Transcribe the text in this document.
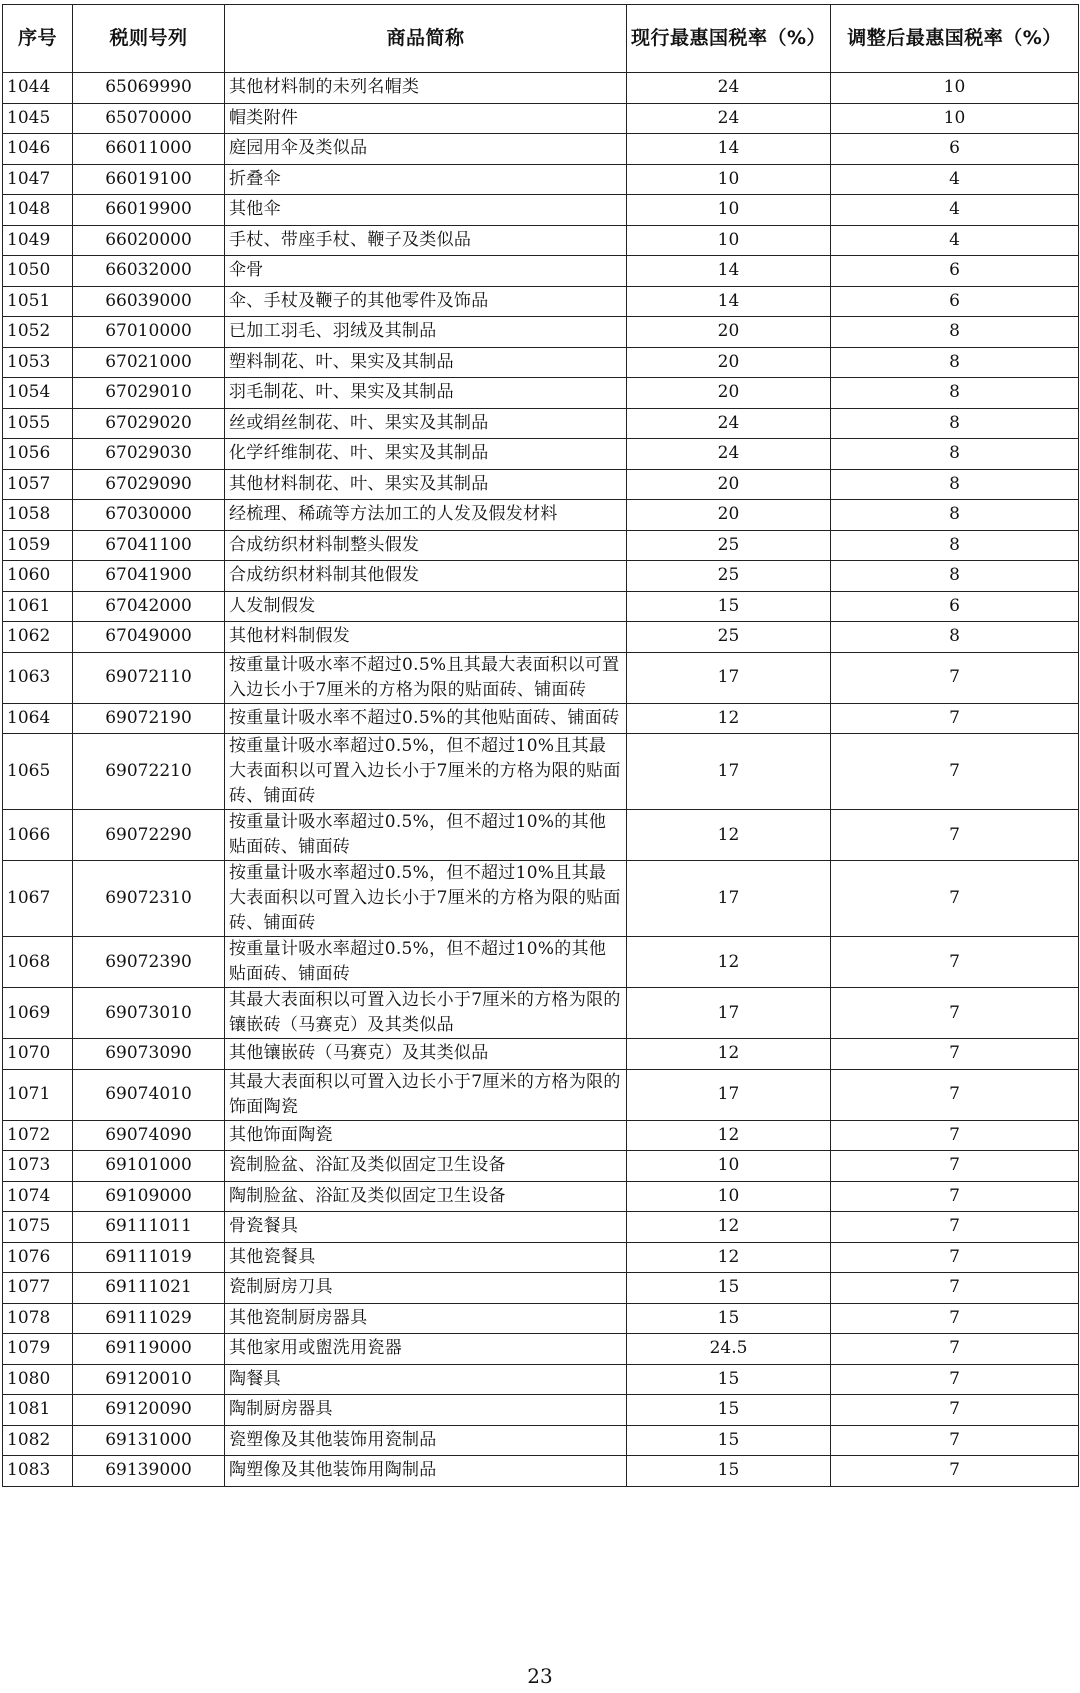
序号	税则号列	商品简称	现行最惠国税率（%）	调整后最惠国税率（%）
1044	65069990	其他材料制的未列名帽类	24	10
1045	65070000	帽类附件	24	10
1046	66011000	庭园用伞及类似品	14	6
1047	66019100	折叠伞	10	4
1048	66019900	其他伞	10	4
1049	66020000	手杖、带座手杖、鞭子及类似品	10	4
1050	66032000	伞骨	14	6
1051	66039000	伞、手杖及鞭子的其他零件及饰品	14	6
1052	67010000	已加工羽毛、羽绒及其制品	20	8
1053	67021000	塑料制花、叶、果实及其制品	20	8
1054	67029010	羽毛制花、叶、果实及其制品	20	8
1055	67029020	丝或绢丝制花、叶、果实及其制品	24	8
1056	67029030	化学纤维制花、叶、果实及其制品	24	8
1057	67029090	其他材料制花、叶、果实及其制品	20	8
1058	67030000	经梳理、稀疏等方法加工的人发及假发材料	20	8
1059	67041100	合成纺织材料制整头假发	25	8
1060	67041900	合成纺织材料制其他假发	25	8
1061	67042000	人发制假发	15	6
1062	67049000	其他材料制假发	25	8
1063	69072110	按重量计吸水率不超过0.5%且其最大表面积以可置入边长小于7厘米的方格为限的贴面砖、铺面砖	17	7
1064	69072190	按重量计吸水率不超过0.5%的其他贴面砖、铺面砖	12	7
1065	69072210	按重量计吸水率超过0.5%，但不超过10%且其最大表面积以可置入边长小于7厘米的方格为限的贴面砖、铺面砖	17	7
1066	69072290	按重量计吸水率超过0.5%，但不超过10%的其他贴面砖、铺面砖	12	7
1067	69072310	按重量计吸水率超过0.5%，但不超过10%且其最大表面积以可置入边长小于7厘米的方格为限的贴面砖、铺面砖	17	7
1068	69072390	按重量计吸水率超过0.5%，但不超过10%的其他贴面砖、铺面砖	12	7
1069	69073010	其最大表面积以可置入边长小于7厘米的方格为限的镶嵌砖（马赛克）及其类似品	17	7
1070	69073090	其他镶嵌砖（马赛克）及其类似品	12	7
1071	69074010	其最大表面积以可置入边长小于7厘米的方格为限的饰面陶瓷	17	7
1072	69074090	其他饰面陶瓷	12	7
1073	69101000	瓷制脸盆、浴缸及类似固定卫生设备	10	7
1074	69109000	陶制脸盆、浴缸及类似固定卫生设备	10	7
1075	69111011	骨瓷餐具	12	7
1076	69111019	其他瓷餐具	12	7
1077	69111021	瓷制厨房刀具	15	7
1078	69111029	其他瓷制厨房器具	15	7
1079	69119000	其他家用或盥洗用瓷器	24.5	7
1080	69120010	陶餐具	15	7
1081	69120090	陶制厨房器具	15	7
1082	69131000	瓷塑像及其他装饰用瓷制品	15	7
1083	69139000	陶塑像及其他装饰用陶制品	15	7
23
